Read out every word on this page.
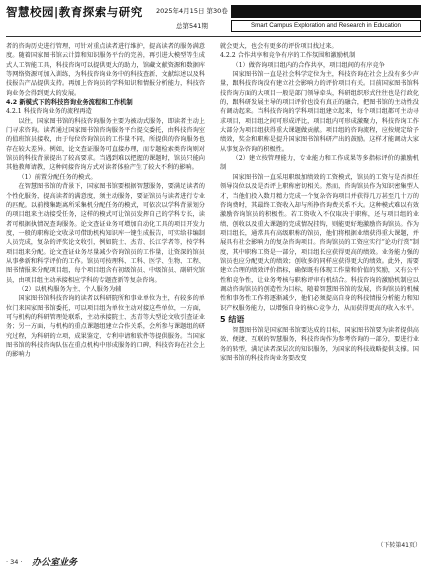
智慧校园|教育探索与研究 2025年4月15日 第30卷
总第541期	Smart Campus Exploration and Research in Education

者的咨询历史进行管理，可针对重点读者进行维护，提高读者的服务满意度。随着国家图书馆云计算和知识服务平台的完善，再引进大模型等生成式人工智能工具，科技咨询可以提供更大的助力，馆藏文献资源和数据库等网络资源可加入训练，为科技咨询业务中的科技查新、文献综述以及科技报告产品提供支持。再加上咨询员的学科知识和情报分析能力，科技咨询业务会得到更大的发展。

4.2 新模式下的科技咨询业务流程和工作机制
4.2.1 科技咨询业务的流程再造

以往，国家图书馆的科技咨询服务主要为被动式服务，即读者主动上门寻求咨询。读者通过国家图书馆咨询服务平台提交委托，由科技咨询室的值班馆员接收，由于每位咨询馆员的工作量不同，所提供的咨询服务也存在较大差异。例如，论文查证服务可直接办理，而专题检索类咨询则对馆员的科技背景提出了较高要求。当遇到难以把握的课题时，馆员只能向其他教师请教，这种问接咨询方式对读者体验产生了较大不利的影响。

（1）前置分配任务的模式。

在智慧图书馆的背景下，国家图书馆要根据智慧服务，要满足读者的个性化服务，提高读者的满意度，须主动服务，要证馆员与读者进行专业的匹配。以前搜集距离所采集机分配任务的模式，可依次以学科背景划分的项目组来主动接受任务，这样的模式可让馆员发挥自己的学科专长，读者可根据执情况查询服务。论文查证业务可增加自动化工具的项目开发力度，一般的职称论文收录可借助机构知识库一键生成报告，可实给非编制人员完成，复杂的评奖论文收引，例如院士、杰青、长江学者等，按学科项目组来分配。论文查证业务尽量减少咨询馆员的工作量，让资深的馆员从事參新和科学评价的工作。馆员可按理科、工科、医学、生物、工程、图书情报来分配项目组，每个项目组含有初级馆员、中级馆员、副研究馆员，由项目组主动承接相应学科的专题查新等复杂咨询。

（2）以机构服务为主、个人服务为辅

国家图书馆科技咨询的读者以科研院所和事业单位为主，有较多的单位门来国家图书馆委托，可以项目组为单位主动对接这些单位，一方面，可与机构的科研管理处联系，主动承接院士、杰青等大型论文收引查证业务；另一方面，与机构的重点课题组建立合作关系，会所参与课题组的研究过程，为科研的立项，成果鉴定、专利申请和软件等提供服务。当国家图书馆的科技咨询队伍在重点机构中形成服务的口碑，科技咨询在社会上的影响力

就会更大，也会有更多的评价项目找过来。

4.2.2 合作共享和竞争有序的工作氛围和激励机制

（1）做咨询项目组内的合作共享，项目组间的有序竞争

国家图书馆一直是社会科学定位为主，科技咨询在社会上没有多少声量，跟科技咨询没有建立社会影响力的评价项目有关。目前国家图书馆科技咨询方面的大项目一般是部门领导牵头，科研组织形式往往也是行政化的，跟科研发展主导的项目评价也没有真正的融合，把图书馆的主动性没有调动起来。当科技咨询的学科项目组建立起来，每个项目组都可主动寻求项目，项目组之间可形成评比，项目组内可形成激聚力，科技咨询工作大部分为项目组获得重大课题做贡献。项目组的咨询流程，应按规定给予绩效，奖金和职称是提升国家图书馆科研产出的鼓励。这样才能调动大家从事复杂咨询的积极性。

（2）建立按管理能力，专业能力和工作成果等多指标评价的激励机制

国家图书馆一直采用职级加绩效的工资模式，馆员的工资与是否担任领导岗位以及是否评上职称密切相关。然而，咨询馆员作为知识密集型人才，当他们投入数月精力完成一个复杂咨询项目并获得几万甚至几十万的咨询费时，其最终工资收入却与所挣咨询费关系不大。这种模式难以有效激励咨询馆员的积极性。若工资收入不仅取决于职称，还与项目组的业绩、创收以及重大课题的完成情况挂钩，则能更好地激励咨询馆员。作为项目组长，通常具有高级职称的馆员，他们将根据业绩获得重大课题，并展具有社会影响力的复杂咨询项目。咨询馆员的工资应实行“论功行赏”制度，其中职称工资是一部分，项目组长应获得更高的绩效。业务能力强的馆员也应分配更大的绩效；创收多的同样应获得更大的绩效。此外，需要建立合理的绩效评价指标，确保既有体现工作量和价值的奖励，又有公平性和竞争性，让业务考核与职称评审有机结合。科技咨询的激励机制应以调动咨询馆员的创造性为目标，随着智慧图书馆的发展，咨询馆员的机械性和事务性工作将逐渐减少，他们必须提高自身的科技情报分析能力和知识产权服务能力，以增强自身的核心竞争力，从而获得更高的收入水平。

5 结语

智慧图书馆是国家图书馆要达成的目标，国家图书馆要为读者提供高效、便捷、互联的智慧服务，科技咨询作为参考咨询的一部分，要进行业务的转型，满足读者深层次的知识服务，为国家的科技战略提供支撑。国家图书馆的科技咨询业务要改变

（下转第41页）
· 34 · 办公室业务
